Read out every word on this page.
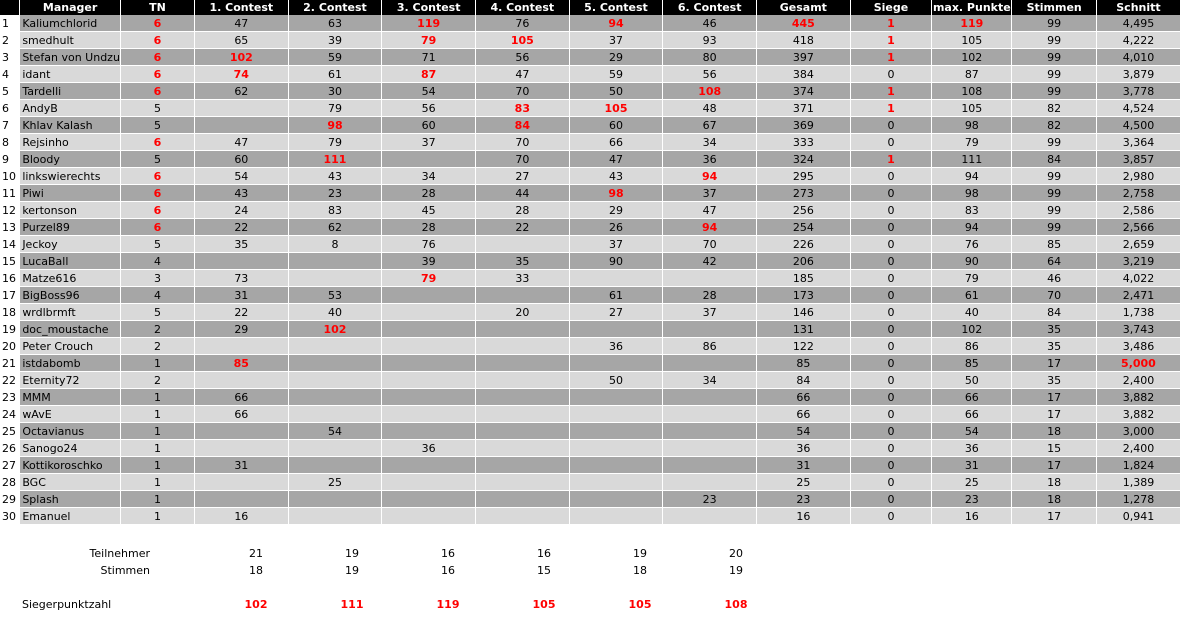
	Manager	TN	1. Contest	2. Contest	3. Contest	4. Contest	5. Contest	6. Contest	Gesamt	Siege	max. Punkte	Stimmen	Schnitt
1	Kaliumchlorid	6	47	63	119	76	94	46	445	1	119	99	4,495
2	smedhult	6	65	39	79	105	37	93	418	1	105	99	4,222
3	Stefan von Undzu	6	102	59	71	56	29	80	397	1	102	99	4,010
4	idant	6	74	61	87	47	59	56	384	0	87	99	3,879
5	Tardelli	6	62	30	54	70	50	108	374	1	108	99	3,778
6	AndyB	5		79	56	83	105	48	371	1	105	82	4,524
7	Khlav Kalash	5		98	60	84	60	67	369	0	98	82	4,500
8	Rejsinho	6	47	79	37	70	66	34	333	0	79	99	3,364
9	Bloody	5	60	111		70	47	36	324	1	111	84	3,857
10	linkswierechts	6	54	43	34	27	43	94	295	0	94	99	2,980
11	Piwi	6	43	23	28	44	98	37	273	0	98	99	2,758
12	kertonson	6	24	83	45	28	29	47	256	0	83	99	2,586
13	Purzel89	6	22	62	28	22	26	94	254	0	94	99	2,566
14	Jeckoy	5	35	8	76		37	70	226	0	76	85	2,659
15	LucaBall	4			39	35	90	42	206	0	90	64	3,219
16	Matze616	3	73		79	33			185	0	79	46	4,022
17	BigBoss96	4	31	53			61	28	173	0	61	70	2,471
18	wrdlbrmft	5	22	40		20	27	37	146	0	40	84	1,738
19	doc_moustache	2	29	102					131	0	102	35	3,743
20	Peter Crouch	2					36	86	122	0	86	35	3,486
21	istdabomb	1	85						85	0	85	17	5,000
22	Eternity72	2					50	34	84	0	50	35	2,400
23	MMM	1	66						66	0	66	17	3,882
24	wAvE	1	66						66	0	66	17	3,882
25	Octavianus	1		54					54	0	54	18	3,000
26	Sanogo24	1			36				36	0	36	15	2,400
27	Kottikoroschko	1	31						31	0	31	17	1,824
28	BGC	1		25					25	0	25	18	1,389
29	Splash	1						23	23	0	23	18	1,278
30	Emanuel	1	16						16	0	16	17	0,941
Teilnehmer		21	19	16	16	19	20
Stimmen		18	19	16	15	18	19

Siegerpunktzahl		102	111	119	105	105	108
